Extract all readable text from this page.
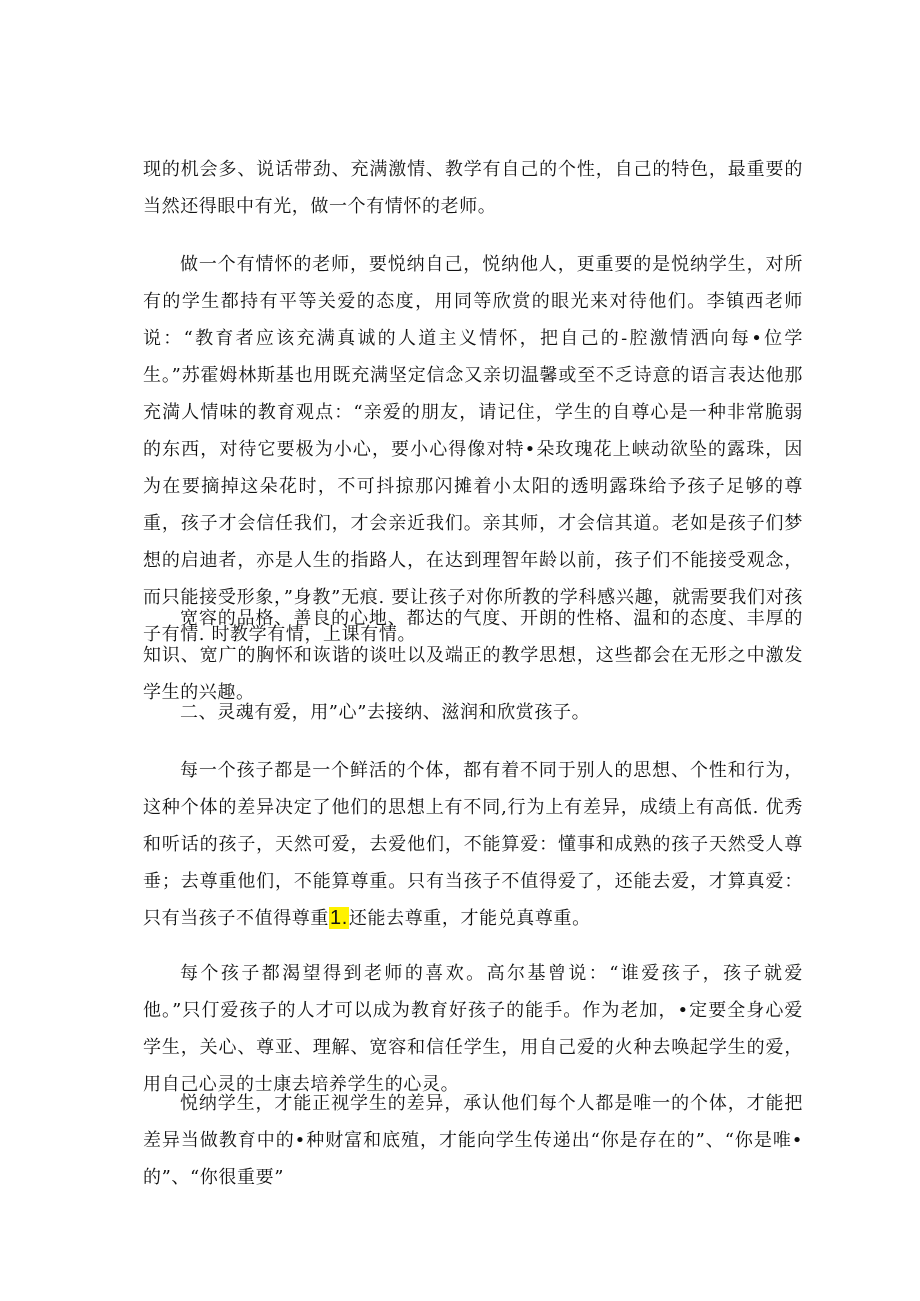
现的机会多、说话带劲、充满激情、教学有自己的个性，自己的特色，最重要的当然还得眼中有光，做一个有情怀的老师。

做一个有情怀的老师，要悦纳自己，悦纳他人，更重要的是悦纳学生，对所有的学生都持有平等关爱的态度，用同等欣赏的眼光来对待他们。李镇西老师说：“教育者应该充满真诚的人道主义情怀，把自己的-腔激情洒向每•位学生。”苏霍姆林斯基也用既充满坚定信念又亲切温馨或至不乏诗意的语言表达他那充満人情味的教育观点：“亲爱的朋友，请记住，学生的自尊心是一种非常脆弱的东西，对待它要极为小心，要小心得像对特•朵玫瑰花上峡动欲坠的露珠，因为在要摘掉这朵花时，不可抖掠那闪摊着小太阳的透明露珠给予孩子足够的尊重，孩子才会信任我们，才会亲近我们。亲其师，才会信其道。老如是孩子们梦想的启迪者，亦是人生的指路人，在达到理智年龄以前，孩子们不能接受观念，而只能接受形象，”身教”无痕. 要让孩子对你所教的学科感兴趣，就需要我们对孩子有情. 时教学有情，上课有情。

宽容的品格、善良的心地、都达的气度、开朗的性格、温和的态度、丰厚的知识、宽广的胸怀和诙谐的谈吐以及端正的教学思想，这些都会在无形之中激发学生的兴趣。

二、灵魂有爱，用”心”去接纳、滋润和欣赏孩子。

每一个孩子都是一个鲜活的个体，都有着不同于别人的思想、个性和行为，这种个体的差异决定了他们的思想上有不同,行为上有差异，成绩上有高低. 优秀和听话的孩子，天然可爱，去爱他们，不能算爱：懂事和成熟的孩子天然受人尊垂；去尊重他们，不能算尊重。只有当孩子不值得爱了，还能去爱，才算真爱：只有当孩子不值得尊重1.还能去尊重，才能兑真尊重。

每个孩子都渴望得到老师的喜欢。高尔基曾说：“谁爱孩子，孩子就爱他。”只仃爱孩子的人才可以成为教育好孩子的能手。作为老加，•定要全身心爱学生，关心、尊亚、理解、宽容和信任学生，用自己爱的火种去唤起学生的爱，用自己心灵的士康去培养学生的心灵。

悦纳学生，才能正视学生的差异，承认他们每个人都是唯一的个体，才能把差异当做教育中的•种财富和底殖，才能向学生传递出“你是存在的”、“你是唯•的”、“你很重要”
